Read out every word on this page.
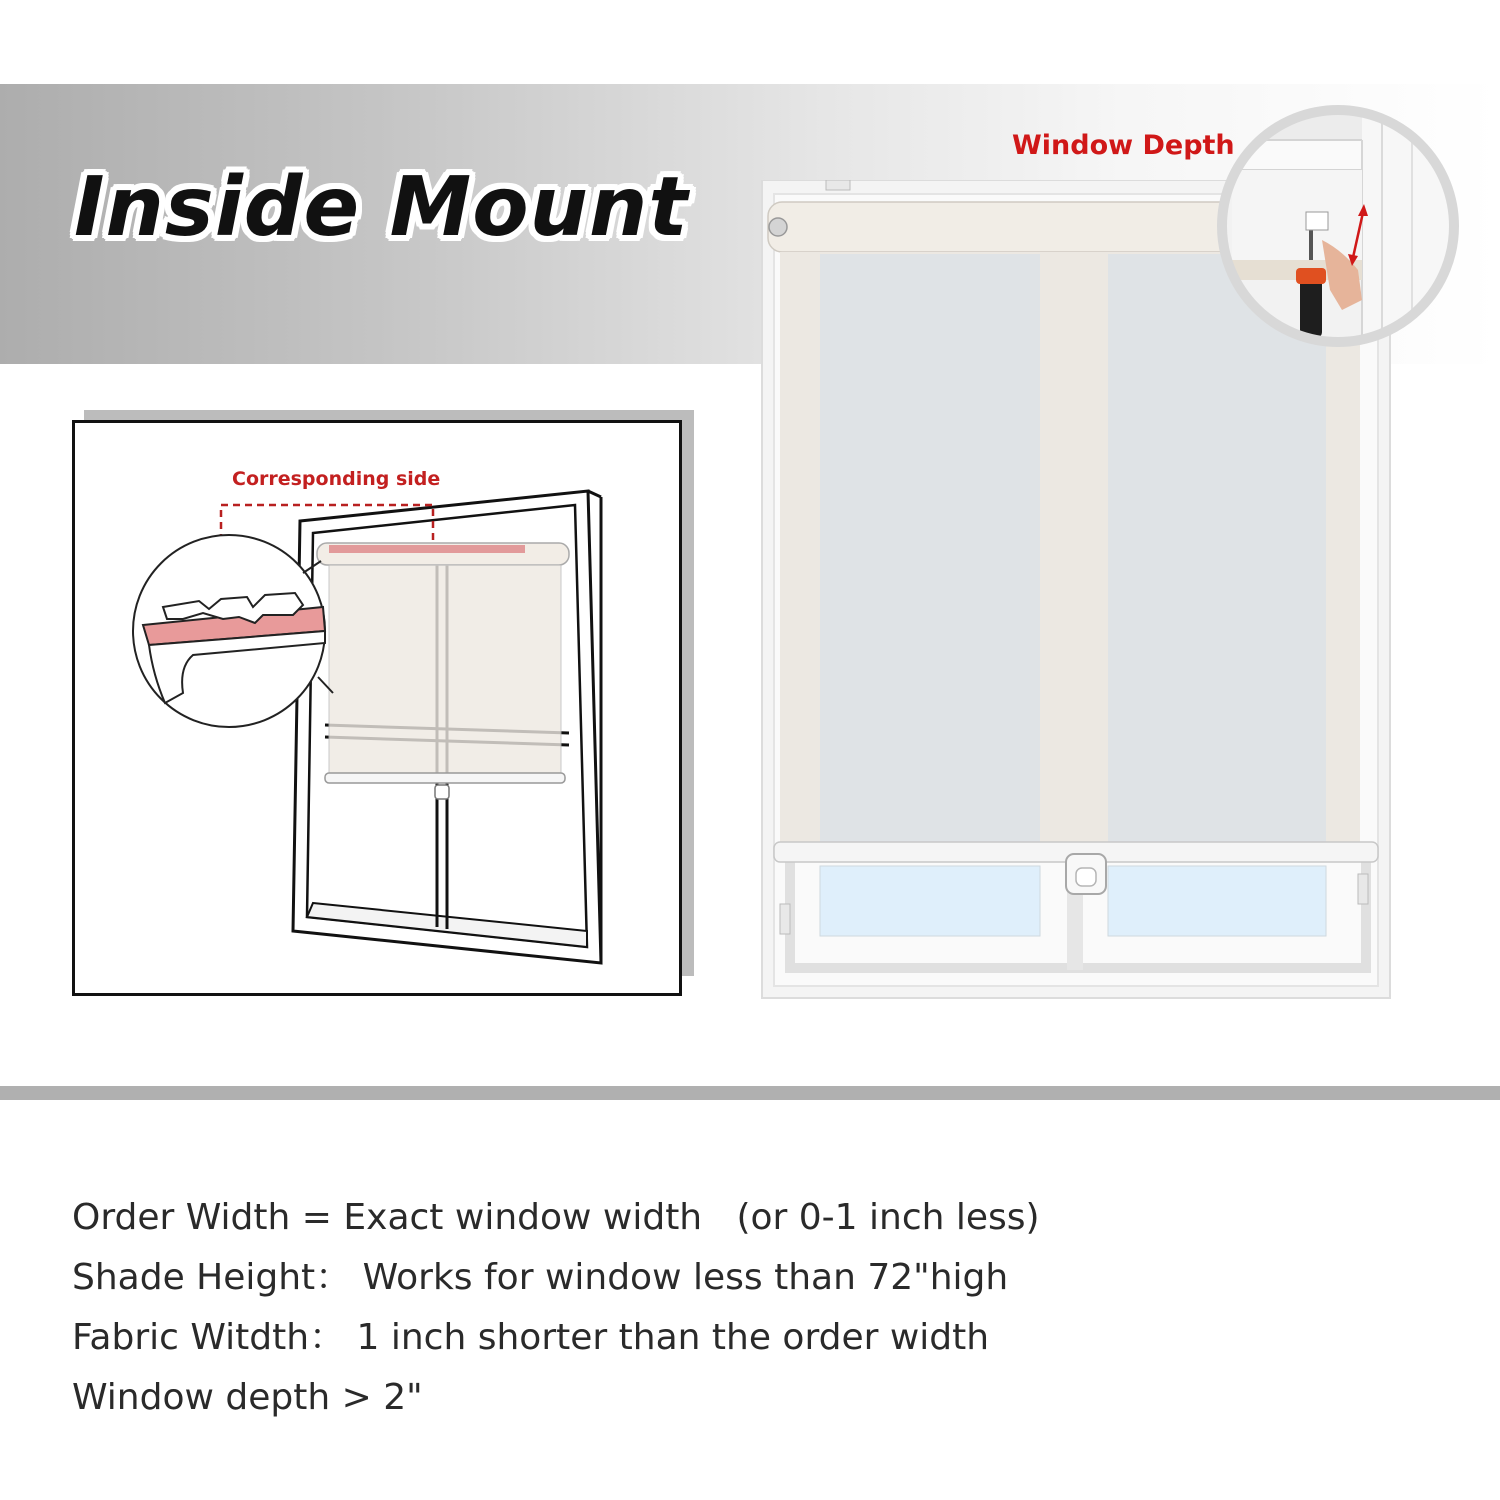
Inside Mount
Corresponding side
Window Depth
Order Width = Exact window width   (or 0-1 inch less)
Shade Height： Works for window less than 72"high
Fabric Witdth： 1 inch shorter than the order width
Window depth > 2"
